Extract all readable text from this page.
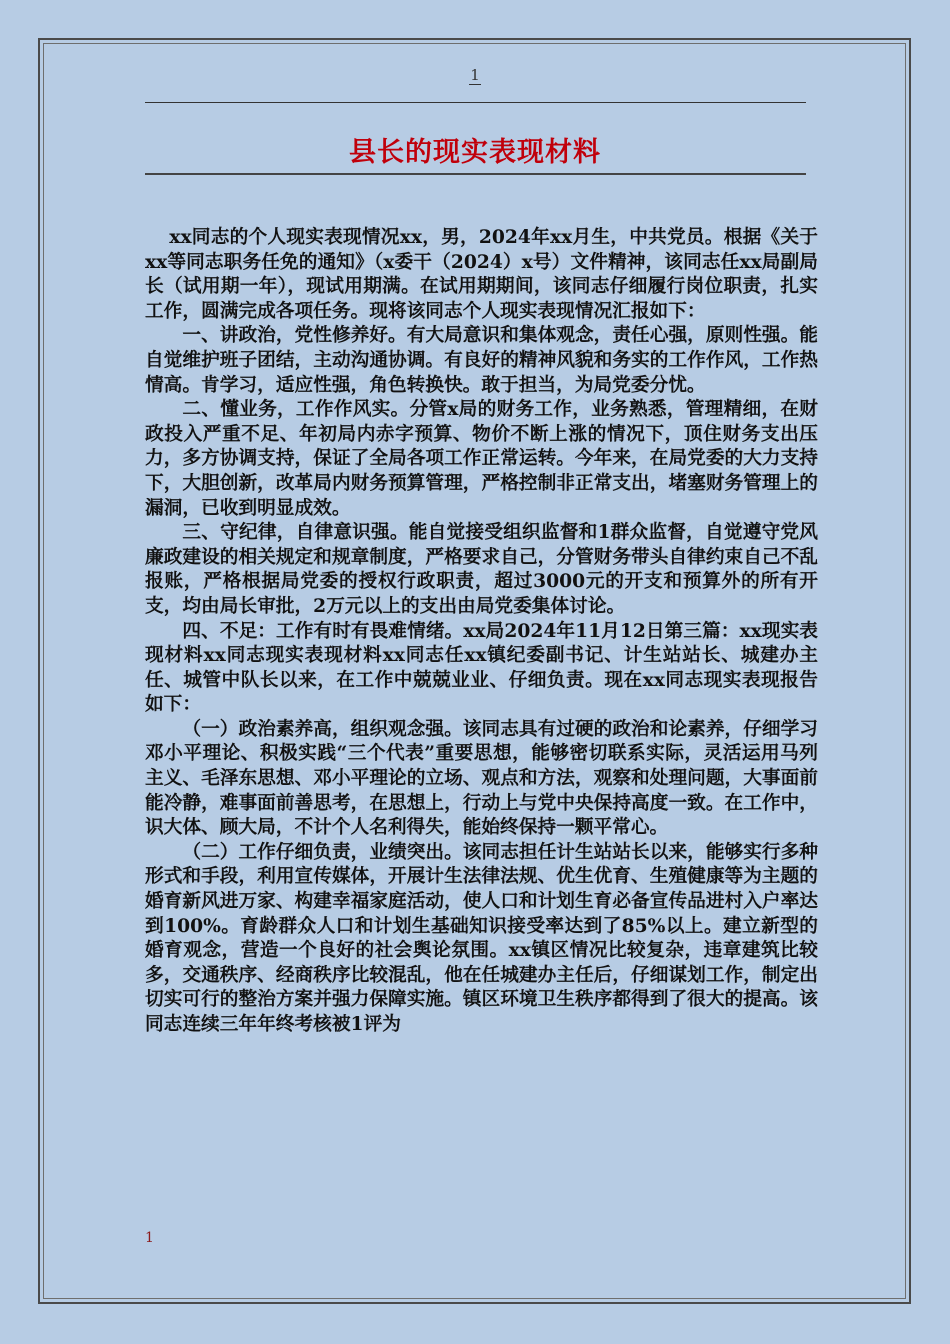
1
县长的现实表现材料

xx同志的个人现实表现情况xx，男，2024年xx月生，中共党员。根据《关于xx等同志职务任免的通知》（x委干（2024）x号）文件精神，该同志任xx局副局长（试用期一年），现试用期满。在试用期期间，该同志仔细履行岗位职责，扎实工作，圆满完成各项任务。现将该同志个人现实表现情况汇报如下：

一、讲政治，党性修养好。有大局意识和集体观念，责任心强，原则性强。能自觉维护班子团结，主动沟通协调。有良好的精神风貌和务实的工作作风，工作热情高。肯学习，适应性强，角色转换快。敢于担当，为局党委分忧。

二、懂业务，工作作风实。分管x局的财务工作，业务熟悉，管理精细，在财政投入严重不足、年初局内赤字预算、物价不断上涨的情况下，顶住财务支出压力，多方协调支持，保证了全局各项工作正常运转。今年来，在局党委的大力支持下，大胆创新，改革局内财务预算管理，严格控制非正常支出，堵塞财务管理上的漏洞，已收到明显成效。

三、守纪律，自律意识强。能自觉接受组织监督和1群众监督，自觉遵守党风廉政建设的相关规定和规章制度，严格要求自己，分管财务带头自律约束自己不乱报账，严格根据局党委的授权行政职责，超过3000元的开支和预算外的所有开支，均由局长审批，2万元以上的支出由局党委集体讨论。

四、不足：工作有时有畏难情绪。xx局2024年11月12日第三篇：xx现实表现材料xx同志现实表现材料xx同志任xx镇纪委副书记、计生站站长、城建办主任、城管中队长以来，在工作中兢兢业业、仔细负责。现在xx同志现实表现报告如下：

（一）政治素养高，组织观念强。该同志具有过硬的政治和论素养，仔细学习邓小平理论、积极实践“三个代表”重要思想，能够密切联系实际，灵活运用马列主义、毛泽东思想、邓小平理论的立场、观点和方法，观察和处理问题，大事面前能冷静，难事面前善思考，在思想上，行动上与党中央保持高度一致。在工作中，识大体、顾大局，不计个人名利得失，能始终保持一颗平常心。

（二）工作仔细负责，业绩突出。该同志担任计生站站长以来，能够实行多种形式和手段，利用宣传媒体，开展计生法律法规、优生优育、生殖健康等为主题的婚育新风进万家、构建幸福家庭活动，使人口和计划生育必备宣传品进村入户率达到100%。育龄群众人口和计划生基础知识接受率达到了85%以上。建立新型的 婚育观念，营造一个良好的社会舆论氛围。xx镇区情况比较复杂，违章建筑比较多，交通秩序、经商秩序比较混乱，他在任城建办主任后，仔细谋划工作，制定出切实可行的整治方案并强力保障实施。镇区环境卫生秩序都得到了很大的提高。该同志连续三年年终考核被1评为

1
